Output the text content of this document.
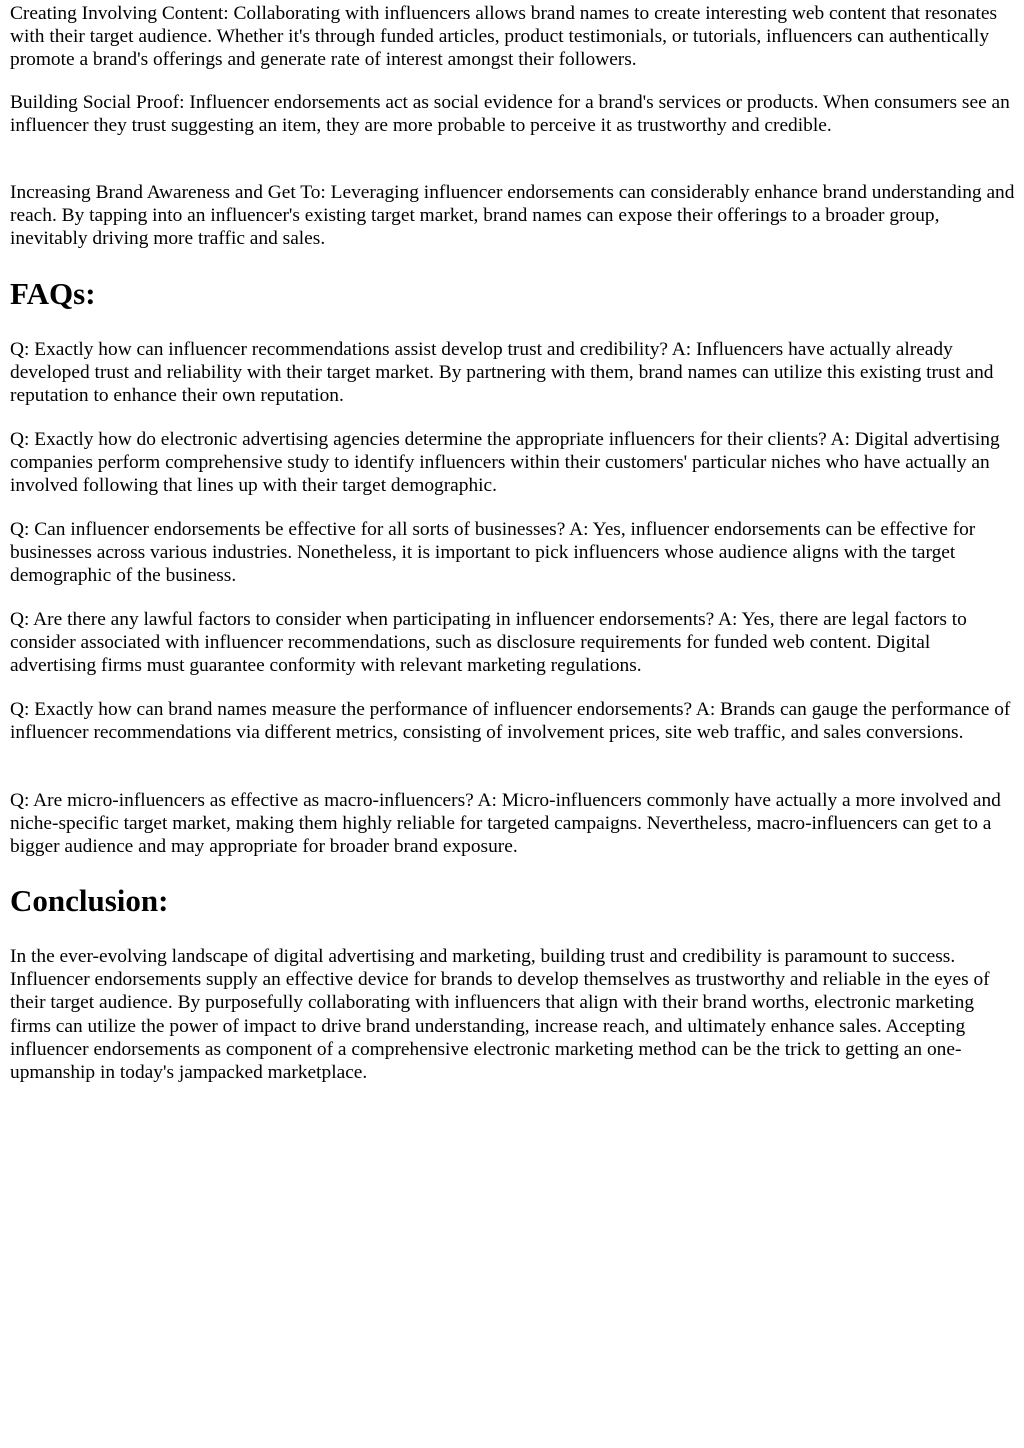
Creating Involving Content: Collaborating with influencers allows brand names to create interesting web content that resonates with their target audience. Whether it's through funded articles, product testimonials, or tutorials, influencers can authentically promote a brand's offerings and generate rate of interest amongst their followers.

Building Social Proof: Influencer endorsements act as social evidence for a brand's services or products. When consumers see an influencer they trust suggesting an item, they are more probable to perceive it as trustworthy and credible.

Increasing Brand Awareness and Get To: Leveraging influencer endorsements can considerably enhance brand understanding and reach. By tapping into an influencer's existing target market, brand names can expose their offerings to a broader group, inevitably driving more traffic and sales.

FAQs:

Q: Exactly how can influencer recommendations assist develop trust and credibility? A: Influencers have actually already developed trust and reliability with their target market. By partnering with them, brand names can utilize this existing trust and reputation to enhance their own reputation.

Q: Exactly how do electronic advertising agencies determine the appropriate influencers for their clients? A: Digital advertising companies perform comprehensive study to identify influencers within their customers' particular niches who have actually an involved following that lines up with their target demographic.

Q: Can influencer endorsements be effective for all sorts of businesses? A: Yes, influencer endorsements can be effective for businesses across various industries. Nonetheless, it is important to pick influencers whose audience aligns with the target demographic of the business.

Q: Are there any lawful factors to consider when participating in influencer endorsements? A: Yes, there are legal factors to consider associated with influencer recommendations, such as disclosure requirements for funded web content. Digital advertising firms must guarantee conformity with relevant marketing regulations.

Q: Exactly how can brand names measure the performance of influencer endorsements? A: Brands can gauge the performance of influencer recommendations via different metrics, consisting of involvement prices, site web traffic, and sales conversions.

Q: Are micro-influencers as effective as macro-influencers? A: Micro-influencers commonly have actually a more involved and niche-specific target market, making them highly reliable for targeted campaigns. Nevertheless, macro-influencers can get to a bigger audience and may appropriate for broader brand exposure.

Conclusion:

In the ever-evolving landscape of digital advertising and marketing, building trust and credibility is paramount to success. Influencer endorsements supply an effective device for brands to develop themselves as trustworthy and reliable in the eyes of their target audience. By purposefully collaborating with influencers that align with their brand worths, electronic marketing firms can utilize the power of impact to drive brand understanding, increase reach, and ultimately enhance sales. Accepting influencer endorsements as component of a comprehensive electronic marketing method can be the trick to getting an one-upmanship in today's jampacked marketplace.
